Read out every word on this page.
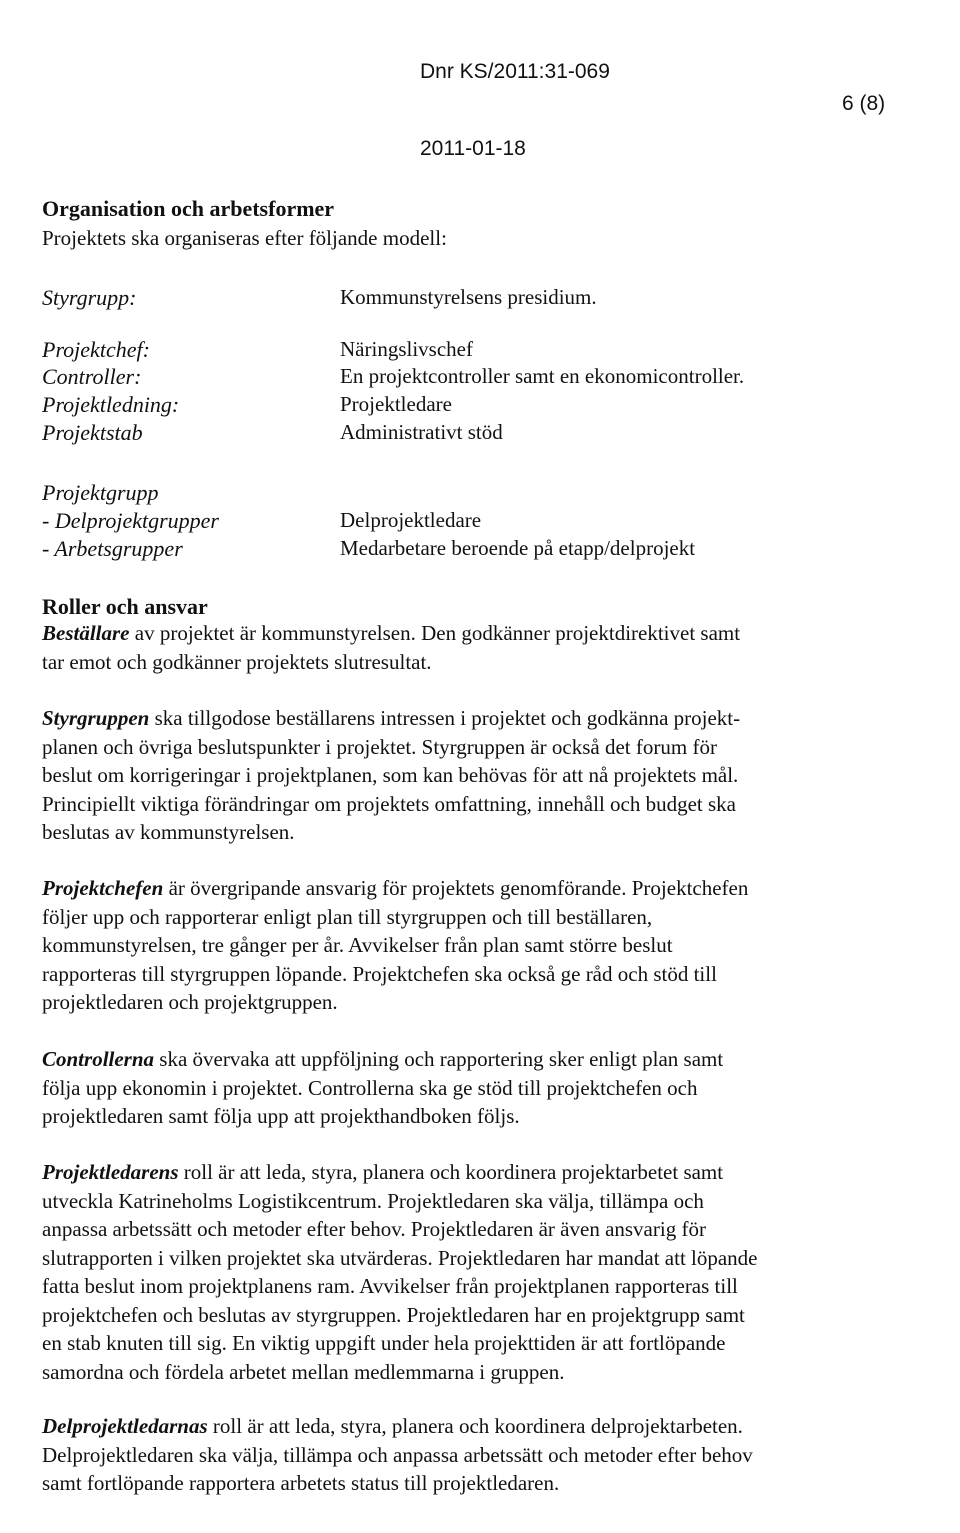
Dnr KS/2011:31-069
6 (8)
2011-01-18
Organisation och arbetsformer
Projektets ska organiseras efter följande modell:
Styrgrupp:	Kommunstyrelsens presidium.
Projektchef:	Näringslivschef
Controller:	En projektcontroller samt en ekonomicontroller.
Projektledning:	Projektledare
Projektstab	Administrativt stöd
Projektgrupp
- Delprojektgrupper	Delprojektledare
- Arbetsgrupper	Medarbetare beroende på etapp/delprojekt
Roller och ansvar
Beställare av projektet är kommunstyrelsen. Den godkänner projektdirektivet samt
tar emot och godkänner projektets slutresultat.
Styrgruppen ska tillgodose beställarens intressen i projektet och godkänna projekt-
planen och övriga beslutspunkter i projektet. Styrgruppen är också det forum för
beslut om korrigeringar i projektplanen, som kan behövas för att nå projektets mål.
Principiellt viktiga förändringar om projektets omfattning, innehåll och budget ska
beslutas av kommunstyrelsen.
Projektchefen är övergripande ansvarig för projektets genomförande. Projektchefen
följer upp och rapporterar enligt plan till styrgruppen och till beställaren,
kommunstyrelsen, tre gånger per år. Avvikelser från plan samt större beslut
rapporteras till styrgruppen löpande. Projektchefen ska också ge råd och stöd till
projektledaren och projektgruppen.
Controllerna ska övervaka att uppföljning och rapportering sker enligt plan samt
följa upp ekonomin i projektet. Controllerna ska ge stöd till projektchefen och
projektledaren samt följa upp att projekthandboken följs.
Projektledarens roll är att leda, styra, planera och koordinera projektarbetet samt
utveckla Katrineholms Logistikcentrum. Projektledaren ska välja, tillämpa och
anpassa arbetssätt och metoder efter behov. Projektledaren är även ansvarig för
slutrapporten i vilken projektet ska utvärderas. Projektledaren har mandat att löpande
fatta beslut inom projektplanens ram. Avvikelser från projektplanen rapporteras till
projektchefen och beslutas av styrgruppen. Projektledaren har en projektgrupp samt
en stab knuten till sig. En viktig uppgift under hela projekttiden är att fortlöpande
samordna och fördela arbetet mellan medlemmarna i gruppen.
Delprojektledarnas roll är att leda, styra, planera och koordinera delprojektarbeten.
Delprojektledaren ska välja, tillämpa och anpassa arbetssätt och metoder efter behov
samt fortlöpande rapportera arbetets status till projektledaren.
